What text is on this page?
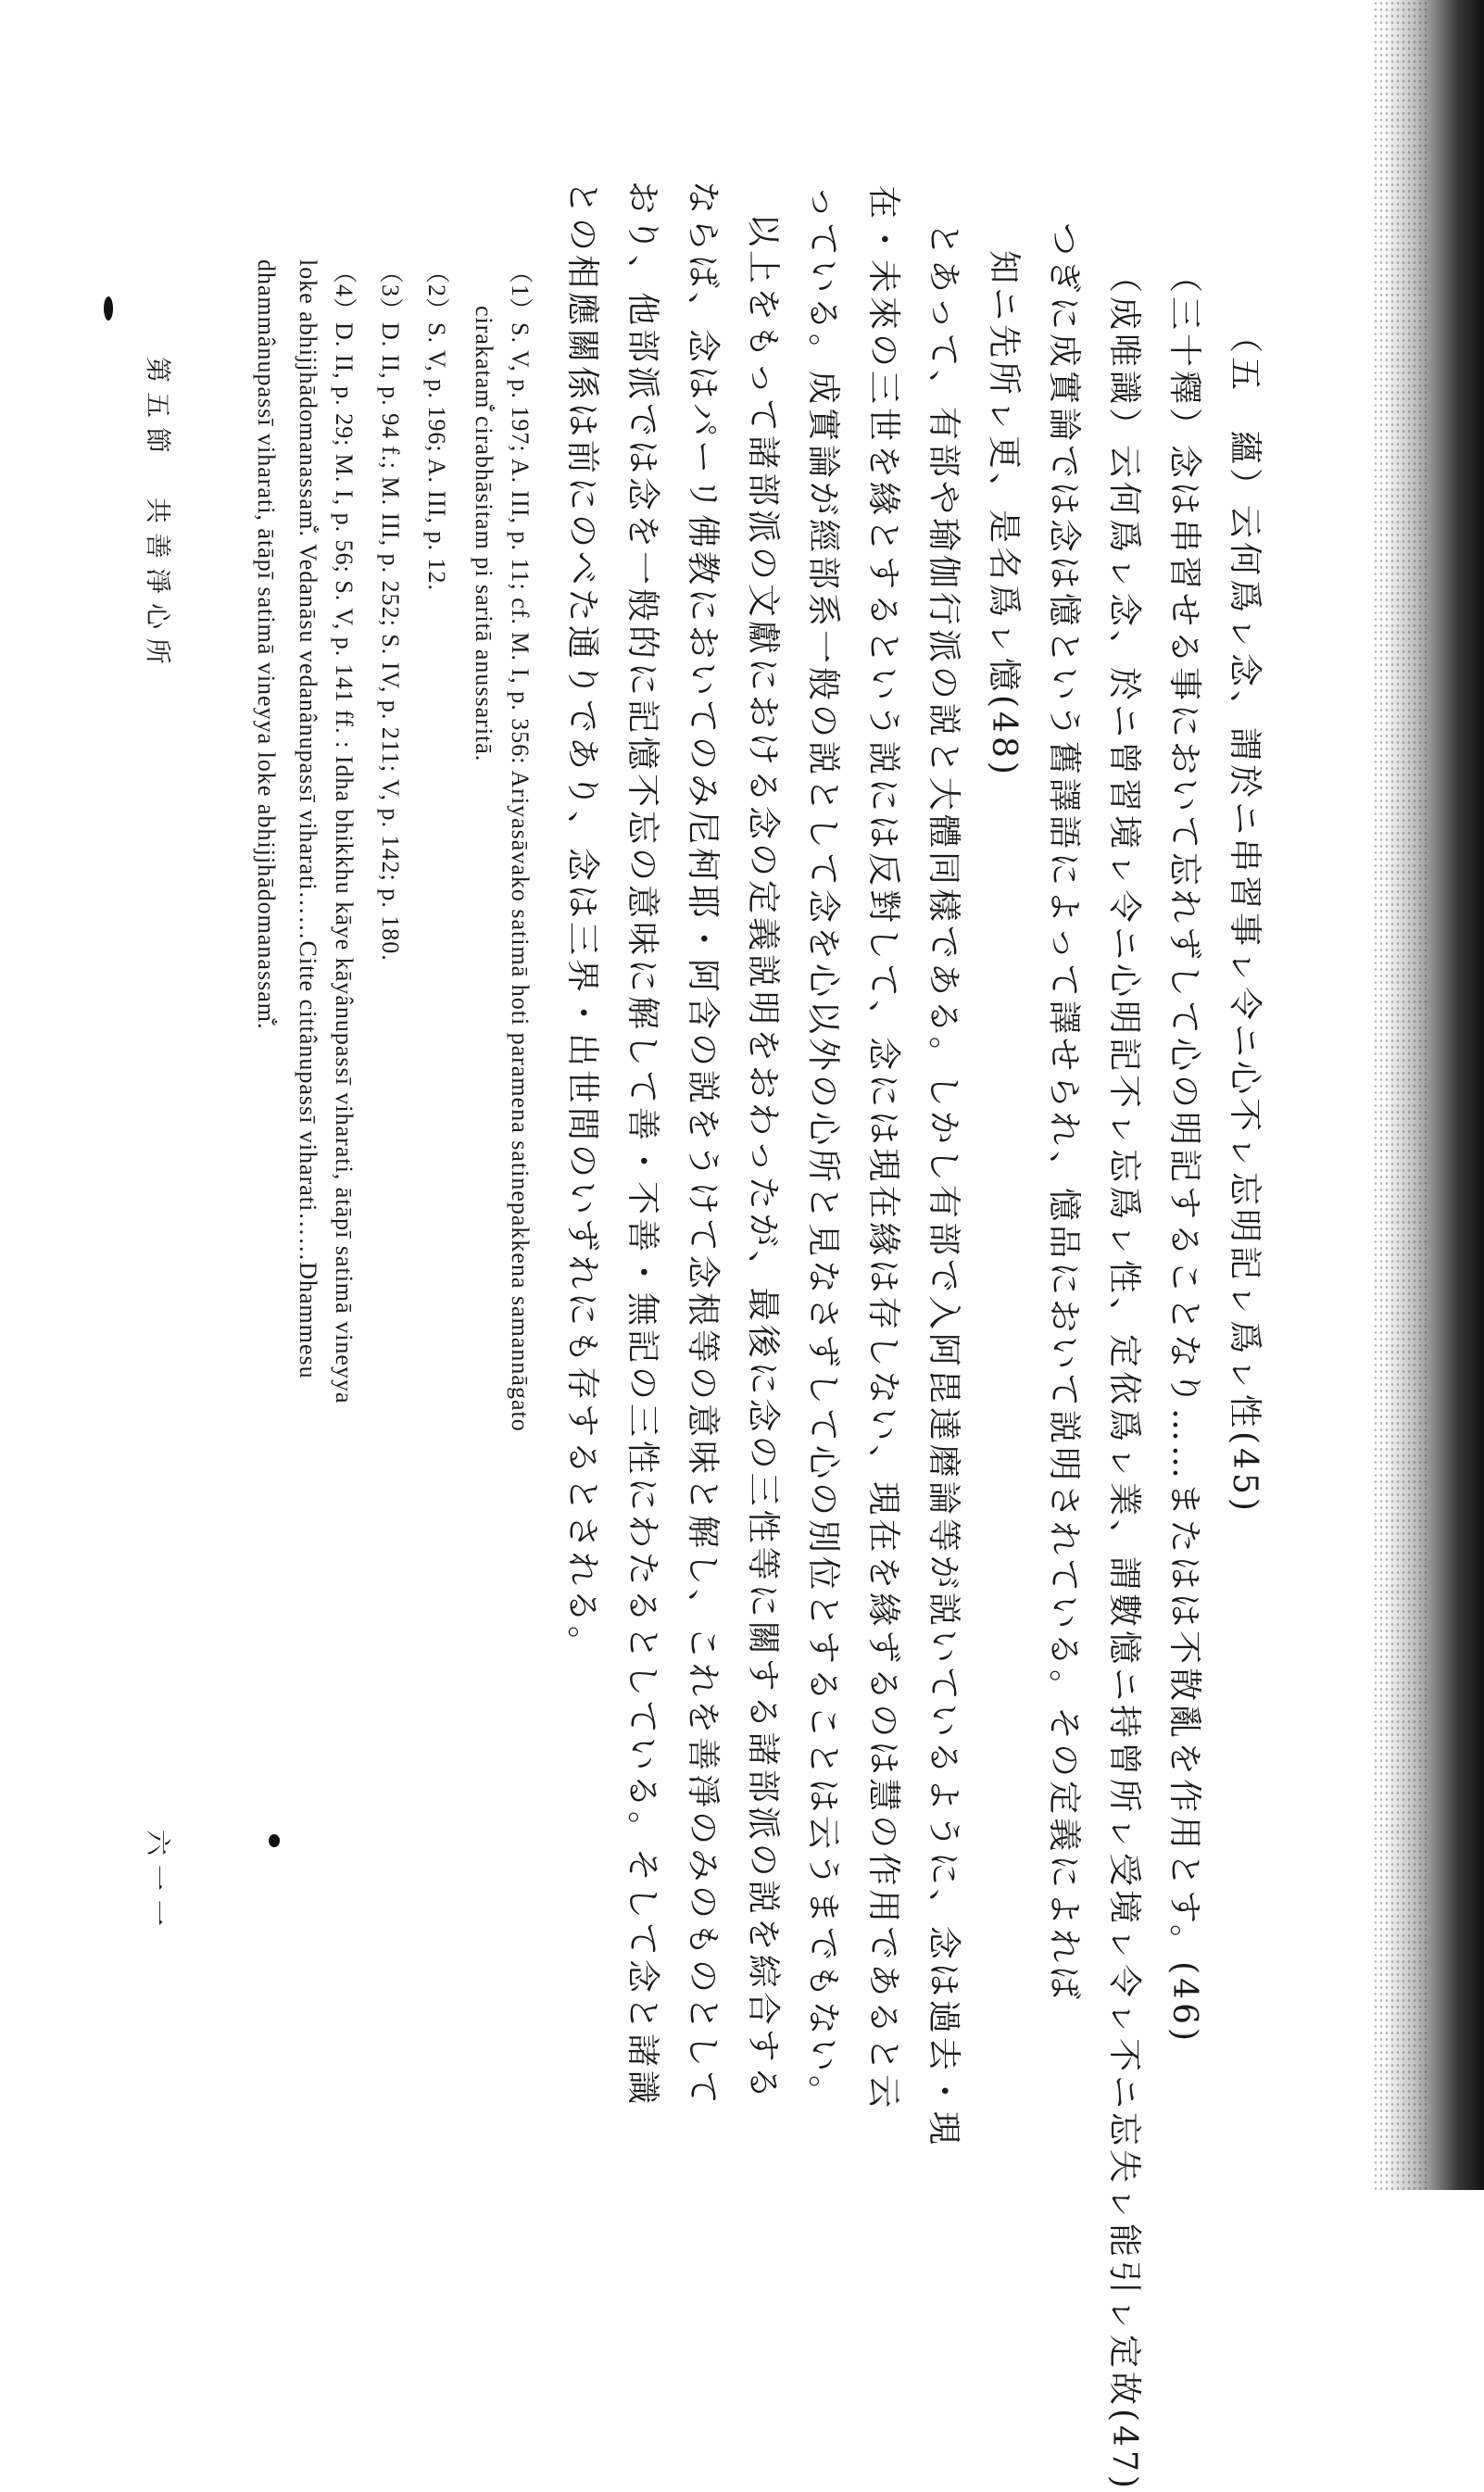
（五　蘊）云何爲ㇾ念、謂於ニ串習事ㇾ令ニ心不ㇾ忘明記ㇾ爲ㇾ性(45)
（三十釋）念は串習せる事において忘れずして心の明記することなり……またはは不散亂を作用とす。(46)
（成唯識）云何爲ㇾ念、於ニ曾習境ㇾ令ニ心明記不ㇾ忘爲ㇾ性、定依爲ㇾ業、謂數憶ニ持曾所ㇾ受境ㇾ令ㇾ不ニ忘失ㇾ能引ㇾ定故(47)
つぎに成實論では念は憶という舊譯語によって譯せられ、憶品において説明されている。その定義によれば
知ニ先所ㇾ更、是名爲ㇾ憶(48)
とあって、有部や瑜伽行派の説と大體同樣である。しかし有部で入阿毘達磨論等が説いているように、念は過去・現
在・未來の三世を緣とするという説には反對して、念には現在緣は存しない、現在を緣ずるのは慧の作用であると云
っている。成實論が經部系一般の説として念を心以外の心所と見なさずして心の別位とすることは云うまでもない。
以上をもって諸部派の文獻における念の定義説明をおわったが、最後に念の三性等に關する諸部派の説を綜合する
ならば、念はパーリ佛教においてのみ尼柯耶・阿含の説をうけて念根等の意味と解し、これを善淨のみのものとして
おり、他部派では念を一般的に記憶不忘の意味に解して善・不善・無記の三性にわたるとしている。そして念と諸識
との相應關係は前にのべた通りであり、念は三界・出世間のいずれにも存するとされる。
（1）S. V, p. 197; A. III, p. 11; cf. M. I, p. 356: Ariyasāvako satimā hoti paramena satinepakkena samannāgato
cirakatam̐ cirabhāsitam pi saritā anussaritā.
（2）S. V, p. 196; A. III, p. 12.
（3）D. II, p. 94 f.; M. III, p. 252; S. IV, p. 211; V, p. 142; p. 180.
（4）D. II, p. 29; M. I, p. 56; S. V, p. 141 ff. : Idha bhikkhu kāye kāyânupassī viharati, ātāpī satimā vineyya
loke abhijjhādomanassam̐. Vedanāsu vedanânupassī viharati……Citte cittânupassī viharati……Dhammesu
dhammânupassī viharati, ātāpī satimā vineyya loke abhijjhādomanassam̐.
第五節　共善淨心所
六一一
